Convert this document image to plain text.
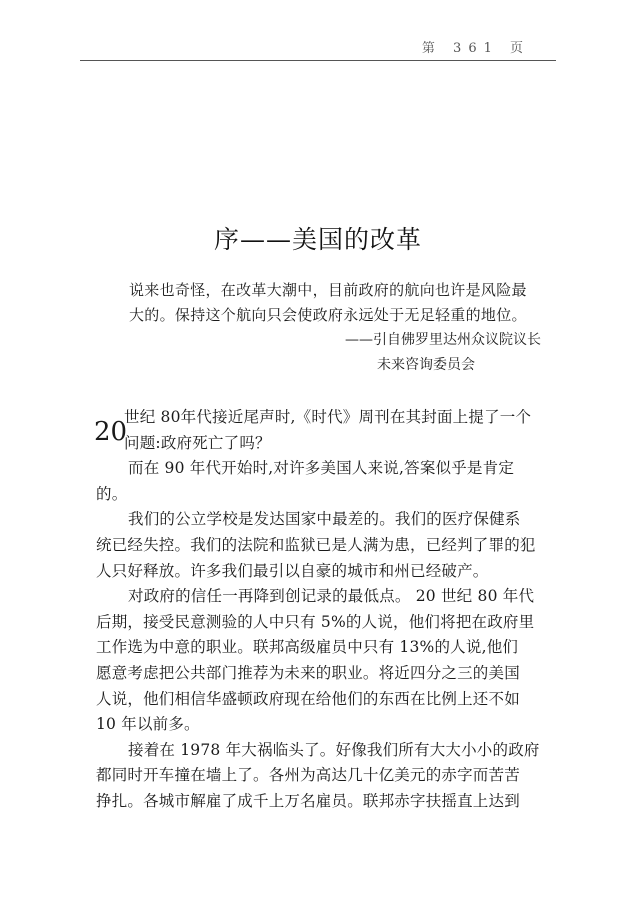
第 361 页
序——美国的改革
说来也奇怪，在改革大潮中，目前政府的航向也许是风险最
大的。保持这个航向只会使政府永远处于无足轻重的地位。
——引自佛罗里达州众议院议长
未来咨询委员会
20
世纪 80年代接近尾声时,《时代》周刊在其封面上提了一个
问题:政府死亡了吗？
而在 90 年代开始时,对许多美国人来说,答案似乎是肯定
的。
我们的公立学校是发达国家中最差的。我们的医疗保健系
统已经失控。我们的法院和监狱已是人满为患，已经判了罪的犯
人只好释放。许多我们最引以自豪的城市和州已经破产。
对政府的信任一再降到创记录的最低点。 20 世纪 80 年代
后期，接受民意测验的人中只有 5%的人说，他们将把在政府里
工作选为中意的职业。联邦高级雇员中只有 13%的人说,他们
愿意考虑把公共部门推荐为未来的职业。将近四分之三的美国
人说，他们相信华盛顿政府现在给他们的东西在比例上还不如
10 年以前多。
接着在 1978 年大祸临头了。好像我们所有大大小小的政府
都同时开车撞在墙上了。各州为高达几十亿美元的赤字而苦苦
挣扎。各城市解雇了成千上万名雇员。联邦赤字扶摇直上达到
